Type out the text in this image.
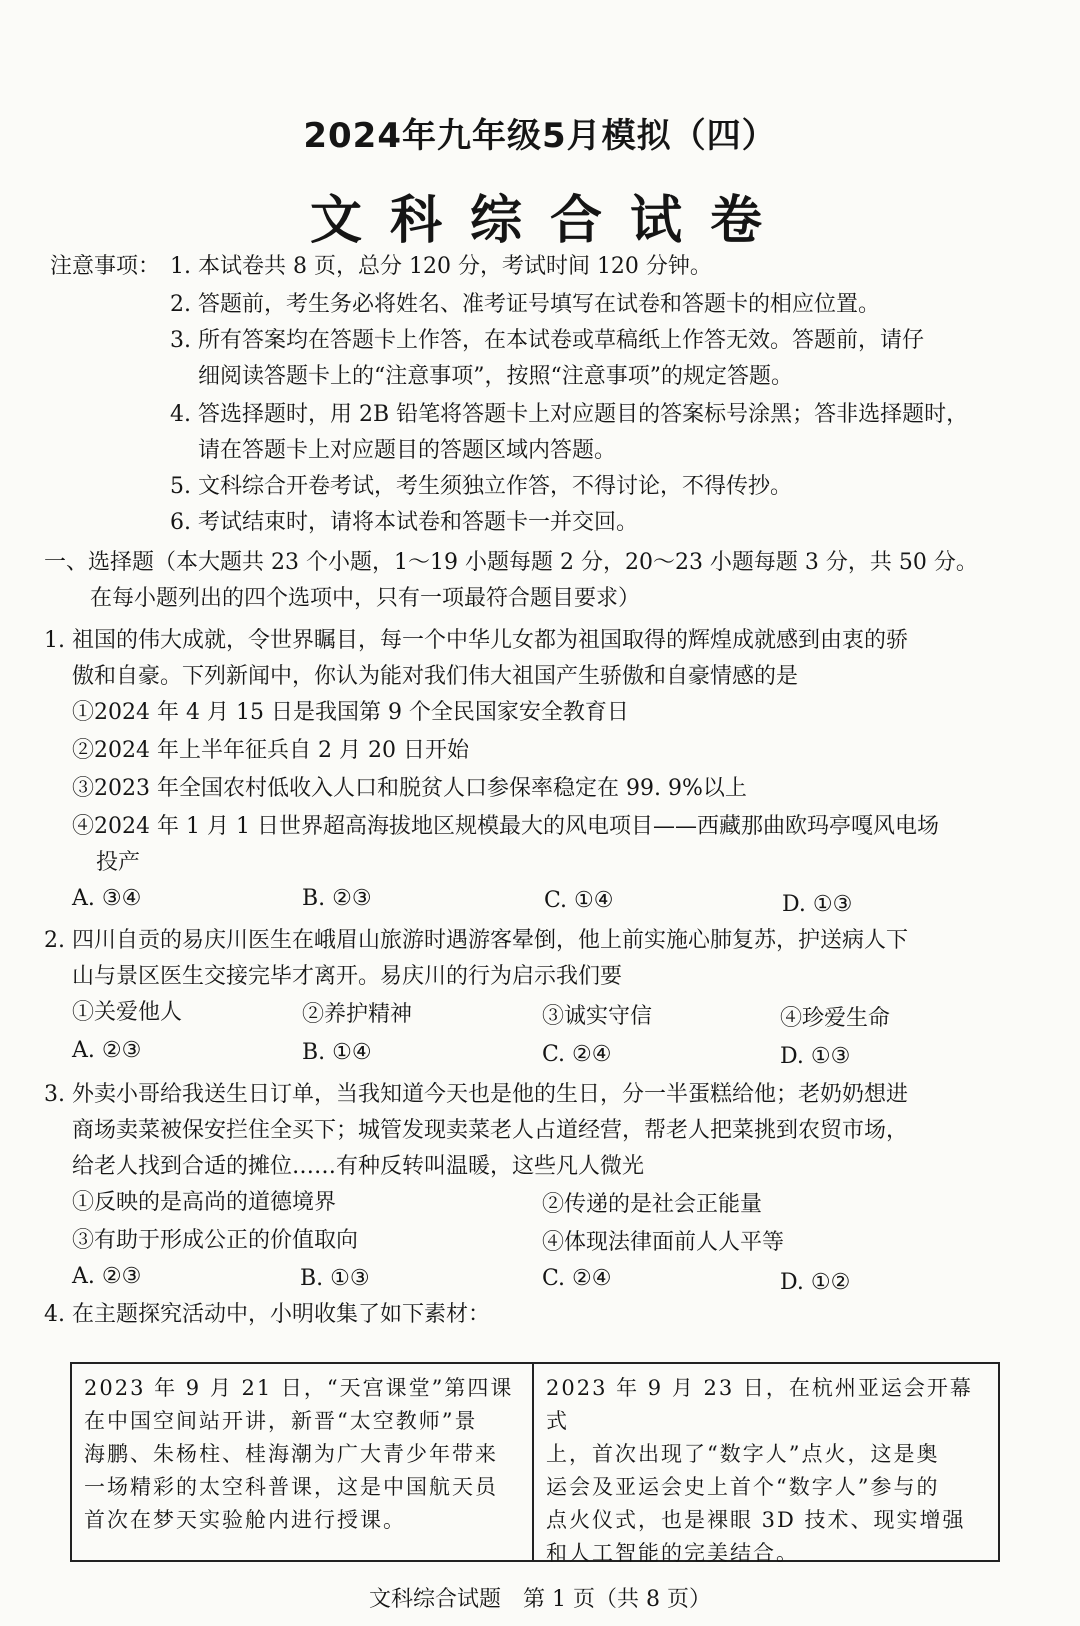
2024年九年级5月模拟（四）
文科综合试卷
注意事项： 1. 本试卷共 8 页，总分 120 分，考试时间 120 分钟。
2. 答题前，考生务必将姓名、准考证号填写在试卷和答题卡的相应位置。
3. 所有答案均在答题卡上作答，在本试卷或草稿纸上作答无效。答题前，请仔
细阅读答题卡上的“注意事项”，按照“注意事项”的规定答题。
4. 答选择题时，用 2B 铅笔将答题卡上对应题目的答案标号涂黑；答非选择题时，
请在答题卡上对应题目的答题区域内答题。
5. 文科综合开卷考试，考生须独立作答，不得讨论，不得传抄。
6. 考试结束时，请将本试卷和答题卡一并交回。
一、选择题（本大题共 23 个小题，1～19 小题每题 2 分，20～23 小题每题 3 分，共 50 分。
在每小题列出的四个选项中，只有一项最符合题目要求）
1. 祖国的伟大成就，令世界瞩目，每一个中华儿女都为祖国取得的辉煌成就感到由衷的骄
傲和自豪。下列新闻中，你认为能对我们伟大祖国产生骄傲和自豪情感的是
①2024 年 4 月 15 日是我国第 9 个全民国家安全教育日
②2024 年上半年征兵自 2 月 20 日开始
③2023 年全国农村低收入人口和脱贫人口参保率稳定在 99. 9%以上
④2024 年 1 月 1 日世界超高海拔地区规模最大的风电项目——西藏那曲欧玛亭嘎风电场
投产
A. ③④	B. ②③	C. ①④	D. ①③
2. 四川自贡的易庆川医生在峨眉山旅游时遇游客晕倒，他上前实施心肺复苏，护送病人下
山与景区医生交接完毕才离开。易庆川的行为启示我们要
①关爱他人	②养护精神	③诚实守信	④珍爱生命
A. ②③	B. ①④	C. ②④	D. ①③
3. 外卖小哥给我送生日订单，当我知道今天也是他的生日，分一半蛋糕给他；老奶奶想进
商场卖菜被保安拦住全买下；城管发现卖菜老人占道经营，帮老人把菜挑到农贸市场，
给老人找到合适的摊位……有种反转叫温暖，这些凡人微光
①反映的是高尚的道德境界	②传递的是社会正能量
③有助于形成公正的价值取向	④体现法律面前人人平等
A. ②③	B. ①③	C. ②④	D. ①②
4. 在主题探究活动中，小明收集了如下素材：
2023 年 9 月 21 日，“天宫课堂”第四课
在中国空间站开讲，新晋“太空教师”景
海鹏、朱杨柱、桂海潮为广大青少年带来
一场精彩的太空科普课，这是中国航天员
首次在梦天实验舱内进行授课。
2023 年 9 月 23 日，在杭州亚运会开幕式
上，首次出现了“数字人”点火，这是奥
运会及亚运会史上首个“数字人”参与的
点火仪式，也是裸眼 3D 技术、现实增强
和人工智能的完美结合。
文科综合试题　第 1 页（共 8 页）
